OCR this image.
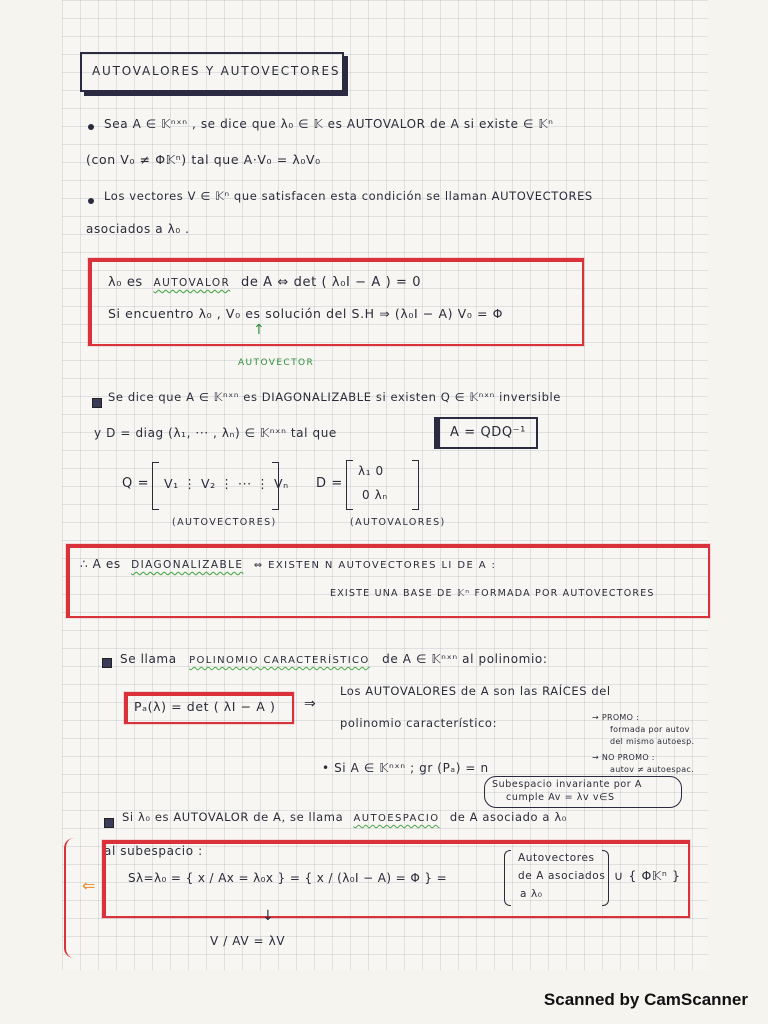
AUTOVALORES Y AUTOVECTORES
Sea A ∈ 𝕂ⁿˣⁿ , se dice que λ₀ ∈ 𝕂 es AUTOVALOR de A si existe ∈ 𝕂ⁿ
(con V₀ ≠ Φ𝕂ⁿ) tal que A·V₀ = λ₀V₀
Los vectores V ∈ 𝕂ⁿ que satisfacen esta condición se llaman AUTOVECTORES
asociados a λ₀ .
λ₀ es AUTOVALOR de A ⇔ det ( λ₀I − A ) = 0
Si encuentro λ₀ , V₀ es solución del S.H ⇒ (λ₀I − A) V₀ = Φ
↑
AUTOVECTOR
Se dice que A ∈ 𝕂ⁿˣⁿ es DIAGONALIZABLE si existen Q ∈ 𝕂ⁿˣⁿ inversible
y D = diag (λ₁, ··· , λₙ) ∈ 𝕂ⁿˣⁿ tal que	A = QDQ⁻¹
Q = V₁ ⋮ V₂ ⋮ ··· ⋮ Vₙ D =
λ₁ 0
0 λₙ
(AUTOVECTORES)	(AUTOVALORES)
∴ A es DIAGONALIZABLE ⇔ EXISTEN N AUTOVECTORES LI DE A :
EXISTE UNA BASE DE 𝕂ⁿ FORMADA POR AUTOVECTORES
Se llama POLINOMIO CARACTERÍSTICO de A ∈ 𝕂ⁿˣⁿ al polinomio:
Pₐ(λ) = det ( λI − A ) ⇒
Los AUTOVALORES de A son las RAÍCES del
polinomio característico:	→ PROMO :
formada por autov
del mismo autoesp.
→ NO PROMO :
autov ≠ autoespac.
• Si A ∈ 𝕂ⁿˣⁿ ; gr (Pₐ) = n
Subespacio invariante por A
cumple Av = λv v∈S
Si λ₀ es AUTOVALOR de A, se llama AUTOESPACIO de A asociado a λ₀
al subespacio :
Sλ=λ₀ = { x / Ax = λ₀x } = { x / (λ₀I − A) = Φ } =
Autovectores
de A asociados
a λ₀
∪ { Φ𝕂ⁿ }
↓
V / AV = λV
⇐
Scanned by CamScanner
